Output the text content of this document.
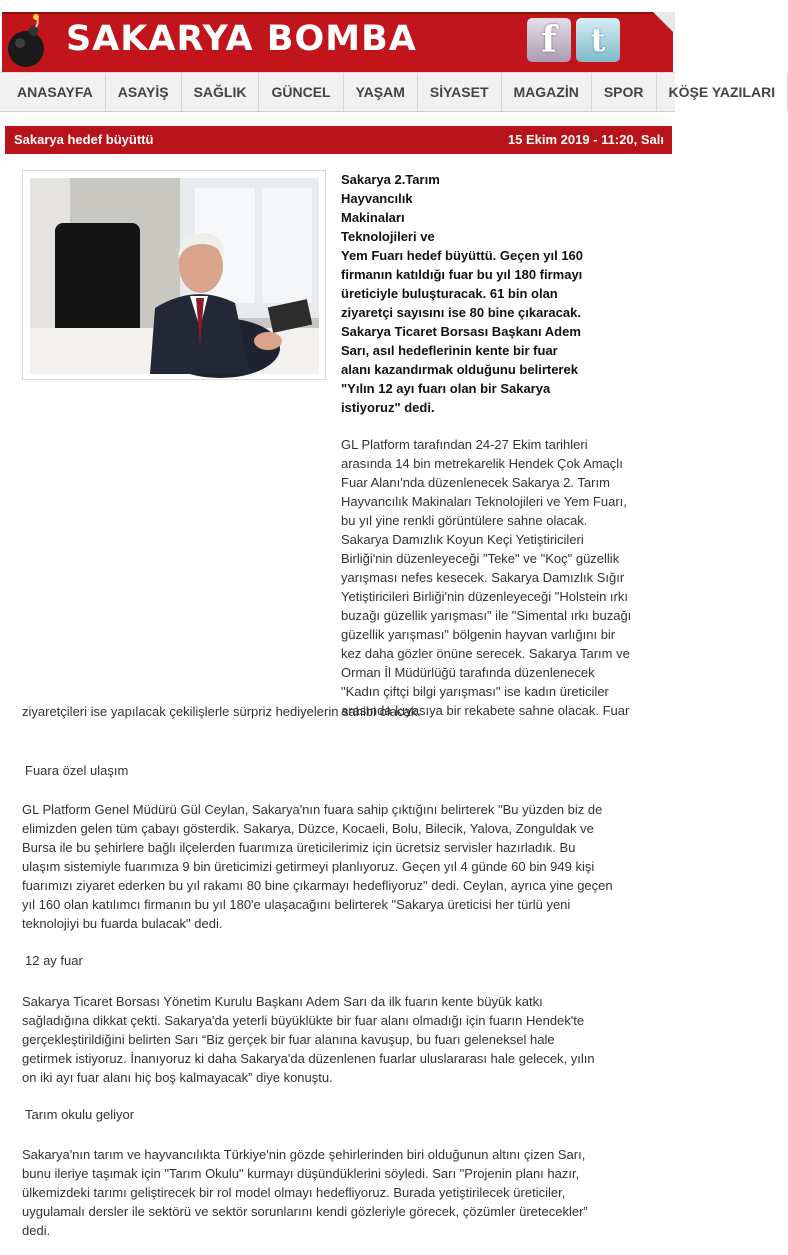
SAKARYA BOMBA	f	t
ANASAYFA ASAYİŞ SAĞLIK GÜNCEL YAŞAM SİYASET MAGAZİN SPOR KÖŞE YAZILARI
Sakarya hedef büyüttü	15 Ekim 2019 - 11:20, Salı
Sakarya 2.Tarım
Hayvancılık
Makinaları
Teknolojileri ve
Yem Fuarı hedef büyüttü. Geçen yıl 160
firmanın katıldığı fuar bu yıl 180 firmayı
üreticiyle buluşturacak. 61 bin olan
ziyaretçi sayısını ise 80 bine çıkaracak.
Sakarya Ticaret Borsası Başkanı Adem
Sarı, asıl hedeflerinin kente bir fuar
alanı kazandırmak olduğunu belirterek
"Yılın 12 ayı fuarı olan bir Sakarya
istiyoruz" dedi.
GL Platform tarafından 24-27 Ekim tarihleri
arasında 14 bin metrekarelik Hendek Çok Amaçlı
Fuar Alanı'nda düzenlenecek Sakarya 2. Tarım
Hayvancılık Makinaları Teknolojileri ve Yem Fuarı,
bu yıl yine renkli görüntülere sahne olacak.
Sakarya Damızlık Koyun Keçi Yetiştiricileri
Birliği'nin düzenleyeceği "Teke" ve "Koç" güzellik
yarışması nefes kesecek. Sakarya Damızlık Sığır
Yetiştiricileri Birliği'nin düzenleyeceği "Holstein ırkı
buzağı güzellik yarışması" ile "Simental ırkı buzağı
güzellik yarışması" bölgenin hayvan varlığını bir
kez daha gözler önüne serecek. Sakarya Tarım ve
Orman İl Müdürlüğü tarafında düzenlenecek
"Kadın çiftçi bilgi yarışması" ise kadın üreticiler
arasında kıyasıya bir rekabete sahne olacak. Fuar
ziyaretçileri ise yapılacak çekilişlerle sürpriz hediyelerin sahibi olacak.
Fuara özel ulaşım
GL Platform Genel Müdürü Gül Ceylan, Sakarya'nın fuara sahip çıktığını belirterek "Bu yüzden biz de
elimizden gelen tüm çabayı gösterdik. Sakarya, Düzce, Kocaeli, Bolu, Bilecik, Yalova, Zonguldak ve
Bursa ile bu şehirlere bağlı ilçelerden fuarımıza üreticilerimiz için ücretsiz servisler hazırladık. Bu
ulaşım sistemiyle fuarımıza 9 bin üreticimizi getirmeyi planlıyoruz. Geçen yıl 4 günde 60 bin 949 kişi
fuarımızı ziyaret ederken bu yıl rakamı 80 bine çıkarmayı hedefliyoruz" dedi. Ceylan, ayrıca yine geçen
yıl 160 olan katılımcı firmanın bu yıl 180'e ulaşacağını belirterek "Sakarya üreticisi her türlü yeni
teknolojiyi bu fuarda bulacak" dedi.
12 ay fuar
Sakarya Ticaret Borsası Yönetim Kurulu Başkanı Adem Sarı da ilk fuarın kente büyük katkı
sağladığına dikkat çekti. Sakarya'da yeterli büyüklükte bir fuar alanı olmadığı için fuarın Hendek'te
gerçekleştirildiğini belirten Sarı “Biz gerçek bir fuar alanına kavuşup, bu fuarı geleneksel hale
getirmek istiyoruz. İnanıyoruz ki daha Sakarya'da düzenlenen fuarlar uluslararası hale gelecek, yılın
on iki ayı fuar alanı hiç boş kalmayacak” diye konuştu.
Tarım okulu geliyor
Sakarya'nın tarım ve hayvancılıkta Türkiye'nin gözde şehirlerinden biri olduğunun altını çizen Sarı,
bunu ileriye taşımak için "Tarım Okulu" kurmayı düşündüklerini söyledi. Sarı "Projenin planı hazır,
ülkemizdeki tarımı geliştirecek bir rol model olmayı hedefliyoruz. Burada yetiştirilecek üreticiler,
uygulamalı dersler ile sektörü ve sektör sorunlarını kendi gözleriyle görecek, çözümler üretecekler”
dedi.
